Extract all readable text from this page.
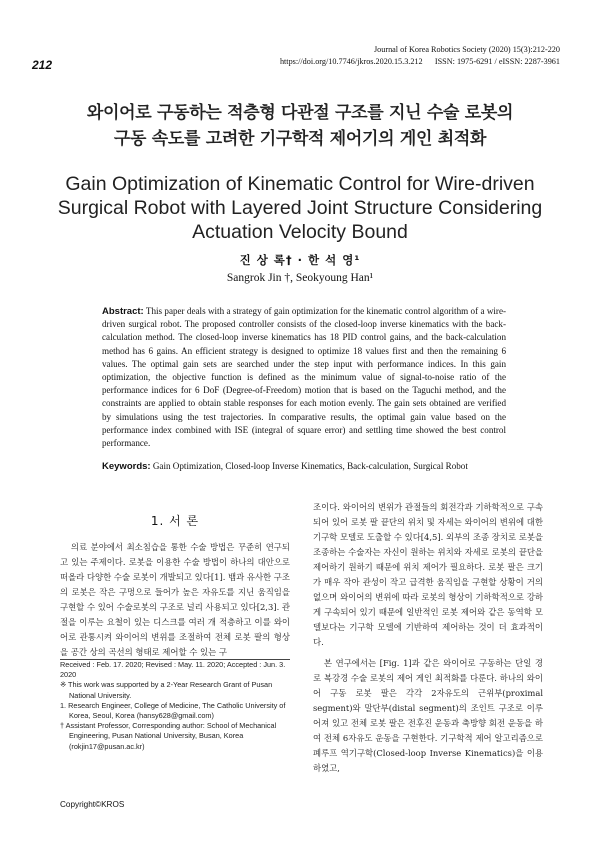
212
Journal of Korea Robotics Society (2020) 15(3):212-220
https://doi.org/10.7746/jkros.2020.15.3.212      ISSN: 1975-6291 / eISSN: 2287-3961
와이어로 구동하는 적층형 다관절 구조를 지닌 수술 로봇의
구동 속도를 고려한 기구학적 제어기의 게인 최적화
Gain Optimization of Kinematic Control for Wire-driven
Surgical Robot with Layered Joint Structure Considering
Actuation Velocity Bound
진 상 록† · 한 석 영¹
Sangrok Jin †, Seokyoung Han¹
Abstract: This paper deals with a strategy of gain optimization for the kinematic control algorithm of a wire-driven surgical robot. The proposed controller consists of the closed-loop inverse kinematics with the back-calculation method. The closed-loop inverse kinematics has 18 PID control gains, and the back-calculation method has 6 gains. An efficient strategy is designed to optimize 18 values first and then the remaining 6 values. The optimal gain sets are searched under the step input with performance indices. In this gain optimization, the objective function is defined as the minimum value of signal-to-noise ratio of the performance indices for 6 DoF (Degree-of-Freedom) motion that is based on the Taguchi method, and the constraints are applied to obtain stable responses for each motion evenly. The gain sets obtained are verified by simulations using the test trajectories. In comparative results, the optimal gain value based on the performance index combined with ISE (integral of square error) and settling time showed the best control performance.
Keywords: Gain Optimization, Closed-loop Inverse Kinematics, Back-calculation, Surgical Robot
1. 서 론

의료 분야에서 최소침습을 통한 수술 방법은 꾸준히 연구되고 있는 주제이다. 로봇을 이용한 수술 방법이 하나의 대안으로 떠올라 다양한 수술 로봇이 개발되고 있다[1]. 뱀과 유사한 구조의 로봇은 작은 구멍으로 들어가 높은 자유도를 지닌 움직임을 구현할 수 있어 수술로봇의 구조로 널리 사용되고 있다[2,3]. 관절을 이루는 요철이 있는 디스크를 여러 개 적층하고 이를 와이어로 관통시켜 와이어의 변위를 조절하여 전체 로봇 팔의 형상을 공간 상의 곡선의 형태로 제어할 수 있는 구

조이다. 와이어의 변위가 관절들의 회전각과 기하학적으로 구속되어 있어 로봇 팔 끝단의 위치 및 자세는 와이어의 변위에 대한 기구학 모델로 도출할 수 있다[4,5]. 외부의 조종 장치로 로봇을 조종하는 수술자는 자신이 원하는 위치와 자세로 로봇의 끝단을 제어하기 원하기 때문에 위치 제어가 필요하다. 로봇 팔은 크기가 매우 작아 관성이 작고 급격한 움직임을 구현할 상황이 거의 없으며 와이어의 변위에 따라 로봇의 형상이 기하학적으로 강하게 구속되어 있기 때문에 일반적인 로봇 제어와 같은 동역학 모델보다는 기구학 모델에 기반하여 제어하는 것이 더 효과적이다.

본 연구에서는 [Fig. 1]과 같은 와이어로 구동하는 단일 경로 복강경 수술 로봇의 제어 게인 최적화를 다룬다. 하나의 와이어 구동 로봇 팔은 각각 2자유도의 근위부(proximal segment)와 말단부(distal segment)의 조인트 구조로 이루어져 있고 전체 로봇 팔은 전후진 운동과 축방향 회전 운동을 하여 전체 6자유도 운동을 구현한다. 기구학적 제어 알고리즘으로 폐루프 역기구학(Closed-loop Inverse Kinematics)을 이용하였고,

Received : Feb. 17. 2020; Revised : May. 11. 2020; Accepted : Jun. 3. 2020
※ This work was supported by a 2-Year Research Grant of Pusan National University.
1. Research Engineer, College of Medicine, The Catholic University of Korea, Seoul, Korea (hansy628@gmail.com)
† Assistant Professor, Corresponding author: School of Mechanical Engineering, Pusan National University, Busan, Korea (rokjin17@pusan.ac.kr)
Copyright©KROS
